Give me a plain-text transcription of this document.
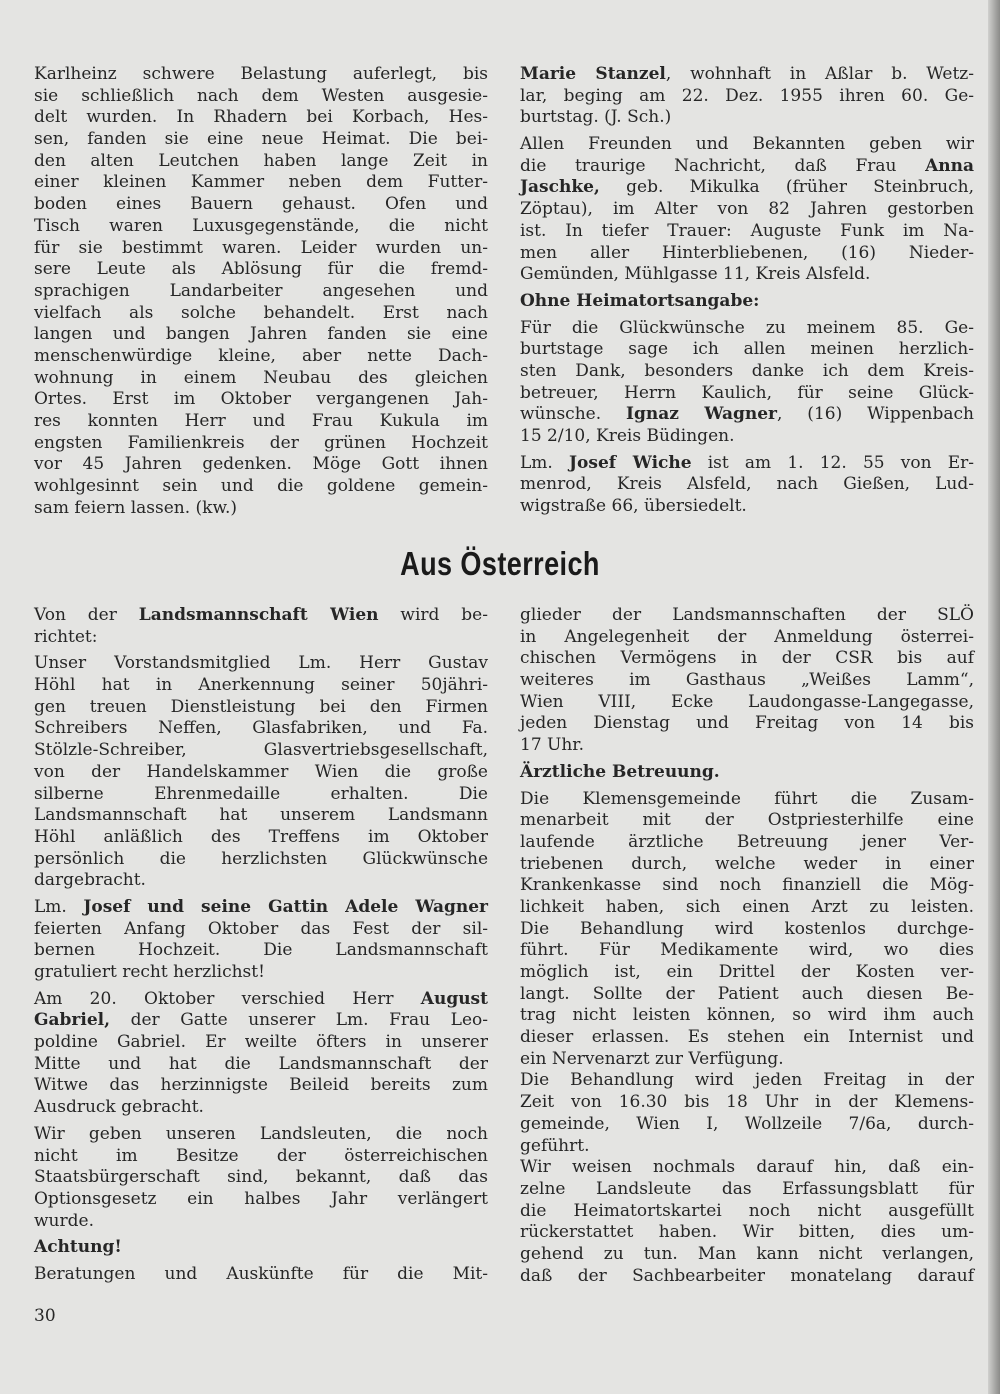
Karlheinz schwere Belastung auferlegt, bis
sie schließlich nach dem Westen ausgesie-
delt wurden. In Rhadern bei Korbach, Hes-
sen, fanden sie eine neue Heimat. Die bei-
den alten Leutchen haben lange Zeit in
einer kleinen Kammer neben dem Futter-
boden eines Bauern gehaust. Ofen und
Tisch waren Luxusgegenstände, die nicht
für sie bestimmt waren. Leider wurden un-
sere Leute als Ablösung für die fremd-
sprachigen Landarbeiter angesehen und
vielfach als solche behandelt. Erst nach
langen und bangen Jahren fanden sie eine
menschenwürdige kleine, aber nette Dach-
wohnung in einem Neubau des gleichen
Ortes. Erst im Oktober vergangenen Jah-
res konnten Herr und Frau Kukula im
engsten Familienkreis der grünen Hochzeit
vor 45 Jahren gedenken. Möge Gott ihnen
wohlgesinnt sein und die goldene gemein-
sam feiern lassen. (kw.)
Marie Stanzel, wohnhaft in Aßlar b. Wetz-
lar, beging am 22. Dez. 1955 ihren 60. Ge-
burtstag. (J. Sch.)
Allen Freunden und Bekannten geben wir
die traurige Nachricht, daß Frau Anna
Jaschke, geb. Mikulka (früher Steinbruch,
Zöptau), im Alter von 82 Jahren gestorben
ist. In tiefer Trauer: Auguste Funk im Na-
men aller Hinterbliebenen, (16) Nieder-
Gemünden, Mühlgasse 11, Kreis Alsfeld.
Ohne Heimatortsangabe:
Für die Glückwünsche zu meinem 85. Ge-
burtstage sage ich allen meinen herzlich-
sten Dank, besonders danke ich dem Kreis-
betreuer, Herrn Kaulich, für seine Glück-
wünsche. Ignaz Wagner, (16) Wippenbach
15 2/10, Kreis Büdingen.
Lm. Josef Wiche ist am 1. 12. 55 von Er-
menrod, Kreis Alsfeld, nach Gießen, Lud-
wigstraße 66, übersiedelt.
Aus Österreich
Von der Landsmannschaft Wien wird be-
richtet:
Unser Vorstandsmitglied Lm. Herr Gustav
Höhl hat in Anerkennung seiner 50jähri-
gen treuen Dienstleistung bei den Firmen
Schreibers Neffen, Glasfabriken, und Fa.
Stölzle-Schreiber, Glasvertriebsgesellschaft,
von der Handelskammer Wien die große
silberne Ehrenmedaille erhalten. Die
Landsmannschaft hat unserem Landsmann
Höhl anläßlich des Treffens im Oktober
persönlich die herzlichsten Glückwünsche
dargebracht.
Lm. Josef und seine Gattin Adele Wagner
feierten Anfang Oktober das Fest der sil-
bernen Hochzeit. Die Landsmannschaft
gratuliert recht herzlichst!
Am 20. Oktober verschied Herr August
Gabriel, der Gatte unserer Lm. Frau Leo-
poldine Gabriel. Er weilte öfters in unserer
Mitte und hat die Landsmannschaft der
Witwe das herzinnigste Beileid bereits zum
Ausdruck gebracht.
Wir geben unseren Landsleuten, die noch
nicht im Besitze der österreichischen
Staatsbürgerschaft sind, bekannt, daß das
Optionsgesetz ein halbes Jahr verlängert
wurde.
Achtung!
Beratungen und Auskünfte für die Mit-
glieder der Landsmannschaften der SLÖ
in Angelegenheit der Anmeldung österrei-
chischen Vermögens in der CSR bis auf
weiteres im Gasthaus „Weißes Lamm“,
Wien VIII, Ecke Laudongasse-Langegasse,
jeden Dienstag und Freitag von 14 bis
17 Uhr.
Ärztliche Betreuung.
Die Klemensgemeinde führt die Zusam-
menarbeit mit der Ostpriesterhilfe eine
laufende ärztliche Betreuung jener Ver-
triebenen durch, welche weder in einer
Krankenkasse sind noch finanziell die Mög-
lichkeit haben, sich einen Arzt zu leisten.
Die Behandlung wird kostenlos durchge-
führt. Für Medikamente wird, wo dies
möglich ist, ein Drittel der Kosten ver-
langt. Sollte der Patient auch diesen Be-
trag nicht leisten können, so wird ihm auch
dieser erlassen. Es stehen ein Internist und
ein Nervenarzt zur Verfügung.
Die Behandlung wird jeden Freitag in der
Zeit von 16.30 bis 18 Uhr in der Klemens-
gemeinde, Wien I, Wollzeile 7/6a, durch-
geführt.
Wir weisen nochmals darauf hin, daß ein-
zelne Landsleute das Erfassungsblatt für
die Heimatortskartei noch nicht ausgefüllt
rückerstattet haben. Wir bitten, dies um-
gehend zu tun. Man kann nicht verlangen,
daß der Sachbearbeiter monatelang darauf
30
